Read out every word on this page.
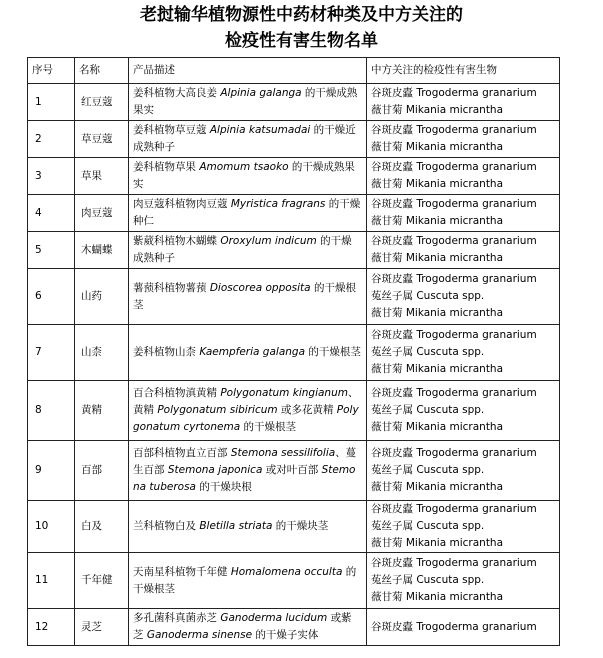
老挝输华植物源性中药材种类及中方关注的
检疫性有害生物名单
序号	名称	产品描述	中方关注的检疫性有害生物
1	红豆蔻	姜科植物大高良姜 Alpinia galanga 的干燥成熟果实	谷斑皮蠹 Trogoderma granarium
薇甘菊 Mikania micrantha

2	草豆蔻	姜科植物草豆蔻 Alpinia katsumadai 的干燥近成熟种子	谷斑皮蠹 Trogoderma granarium
薇甘菊 Mikania micrantha

3	草果	姜科植物草果 Amomum tsaoko 的干燥成熟果实	谷斑皮蠹 Trogoderma granarium
薇甘菊 Mikania micrantha

4	肉豆蔻	肉豆蔻科植物肉豆蔻 Myristica fragrans 的干燥种仁	谷斑皮蠹 Trogoderma granarium
薇甘菊 Mikania micrantha

5	木蝴蝶	紫葳科植物木蝴蝶 Oroxylum indicum 的干燥成熟种子	谷斑皮蠹 Trogoderma granarium
薇甘菊 Mikania micrantha

6	山药	薯蓣科植物薯蓣 Dioscorea opposita 的干燥根茎	谷斑皮蠹 Trogoderma granarium
菟丝子属 Cuscuta spp.
薇甘菊 Mikania micrantha

7	山柰	姜科植物山柰 Kaempferia galanga 的干燥根茎	谷斑皮蠹 Trogoderma granarium
菟丝子属 Cuscuta spp.
薇甘菊 Mikania micrantha

8	黄精	百合科植物滇黄精 Polygonatum kingianum、黄精 Polygonatum sibiricum 或多花黄精 Polygonatum cyrtonema 的干燥根茎	谷斑皮蠹 Trogoderma granarium
菟丝子属 Cuscuta spp.
薇甘菊 Mikania micrantha

9	百部	百部科植物直立百部 Stemona sessilifolia、蔓生百部 Stemona japonica 或对叶百部 Stemona tuberosa 的干燥块根	谷斑皮蠹 Trogoderma granarium
菟丝子属 Cuscuta spp.
薇甘菊 Mikania micrantha

10	白及	兰科植物白及 Bletilla striata 的干燥块茎	谷斑皮蠹 Trogoderma granarium
菟丝子属 Cuscuta spp.
薇甘菊 Mikania micrantha

11	千年健	天南星科植物千年健 Homalomena occulta 的干燥根茎	谷斑皮蠹 Trogoderma granarium
菟丝子属 Cuscuta spp.
薇甘菊 Mikania micrantha

12	灵芝	多孔菌科真菌赤芝 Ganoderma lucidum 或紫芝 Ganoderma sinense 的干燥子实体	谷斑皮蠹 Trogoderma granarium
